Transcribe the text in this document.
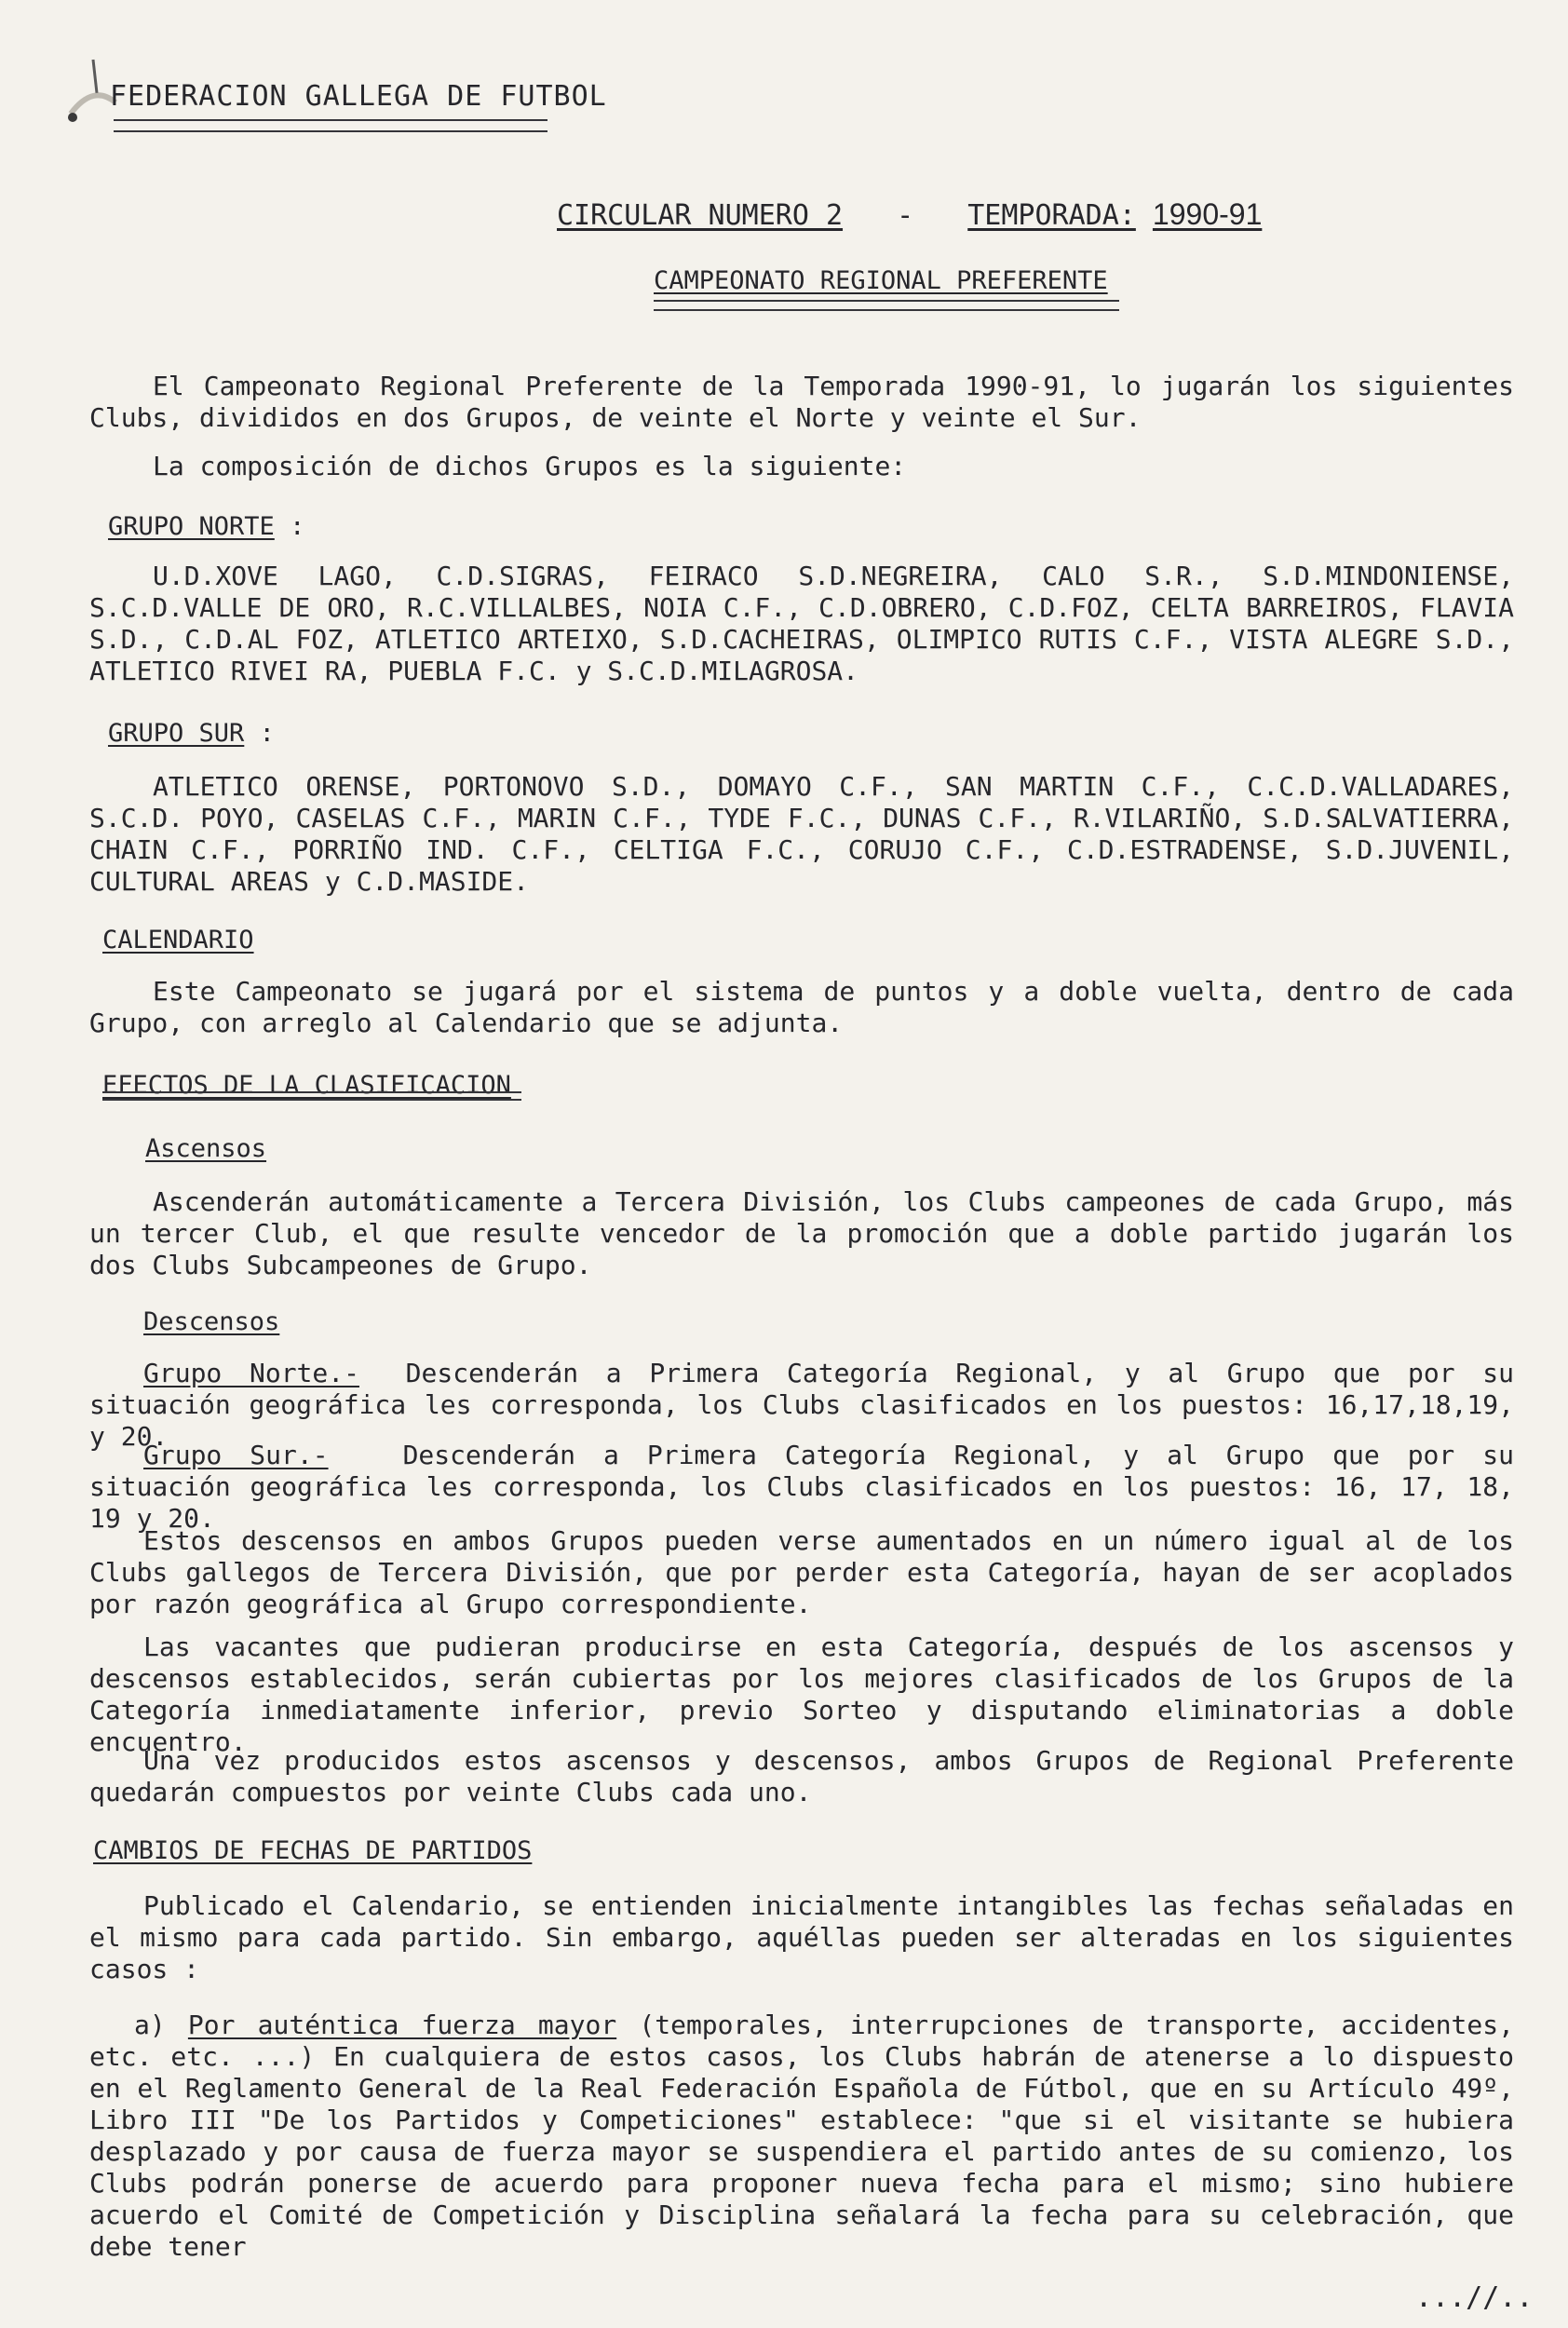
FEDERACION GALLEGA DE FUTBOL
CIRCULAR NUMERO 2 - TEMPORADA: 1990-91
CAMPEONATO REGIONAL PREFERENTE
El Campeonato Regional Preferente de la Temporada 1990-91, lo jugarán los siguientes Clubs, divididos en dos Grupos, de veinte el Norte y veinte el Sur.
La composición de dichos Grupos es la siguiente:
GRUPO NORTE :
U.D.XOVE LAGO, C.D.SIGRAS, FEIRACO S.D.NEGREIRA, CALO S.R., S.D.MINDONIENSE, S.C.D.VALLE DE ORO, R.C.VILLALBES, NOIA C.F., C.D.OBRERO, C.D.FOZ, CELTA BARREIROS, FLAVIA S.D., C.D.AL FOZ, ATLETICO ARTEIXO, S.D.CACHEIRAS, OLIMPICO RUTIS C.F., VISTA ALEGRE S.D., ATLETICO RIVEI RA, PUEBLA F.C. y S.C.D.MILAGROSA.
GRUPO SUR :
ATLETICO ORENSE, PORTONOVO S.D., DOMAYO C.F., SAN MARTIN C.F., C.C.D.VALLADARES, S.C.D. POYO, CASELAS C.F., MARIN C.F., TYDE F.C., DUNAS C.F., R.VILARIÑO, S.D.SALVATIERRA, CHAIN C.F., PORRIÑO IND. C.F., CELTIGA F.C., CORUJO C.F., C.D.ESTRADENSE, S.D.JUVENIL, CULTURAL AREAS y C.D.MASIDE.
CALENDARIO
Este Campeonato se jugará por el sistema de puntos y a doble vuelta, dentro de cada Grupo, con arreglo al Calendario que se adjunta.
EFECTOS DE LA CLASIFICACION
Ascensos
Ascenderán automáticamente a Tercera División, los Clubs campeones de cada Grupo, más un tercer Club, el que resulte vencedor de la promoción que a doble partido jugarán los dos Clubs Subcampeones de Grupo.
Descensos
Grupo Norte.- Descenderán a Primera Categoría Regional, y al Grupo que por su situación geográfica les corresponda, los Clubs clasificados en los puestos: 16,17,18,19, y 20.
Grupo Sur.-	Descenderán a Primera Categoría Regional, y al Grupo que por su situación geográfica les corresponda, los Clubs clasificados en los puestos: 16, 17, 18, 19 y 20.
Estos descensos en ambos Grupos pueden verse aumentados en un número igual al de los Clubs gallegos de Tercera División, que por perder esta Categoría, hayan de ser acoplados por razón geográfica al Grupo correspondiente.
Las vacantes que pudieran producirse en esta Categoría, después de los ascensos y descensos establecidos, serán cubiertas por los mejores clasificados de los Grupos de la Categoría inmediatamente inferior, previo Sorteo y disputando eliminatorias a doble encuentro.
Una vez producidos estos ascensos y descensos, ambos Grupos de Regional Preferente quedarán compuestos por veinte Clubs cada uno.
CAMBIOS DE FECHAS DE PARTIDOS
Publicado el Calendario, se entienden inicialmente intangibles las fechas señaladas en el mismo para cada partido. Sin embargo, aquéllas pueden ser alteradas en los siguientes casos :
a) Por auténtica fuerza mayor (temporales, interrupciones de transporte, accidentes, etc. etc. ...) En cualquiera de estos casos, los Clubs habrán de atenerse a lo dispuesto en el Reglamento General de la Real Federación Española de Fútbol, que en su Artículo 49º, Libro III "De los Partidos y Competiciones" establece: "que si el visitante se hubiera desplazado y por causa de fuerza mayor se suspendiera el partido antes de su comienzo, los Clubs podrán ponerse de acuerdo para proponer nueva fecha para el mismo; sino hubiere acuerdo el Comité de Competición y Disciplina señalará la fecha para su celebración, que debe tener
...//..
